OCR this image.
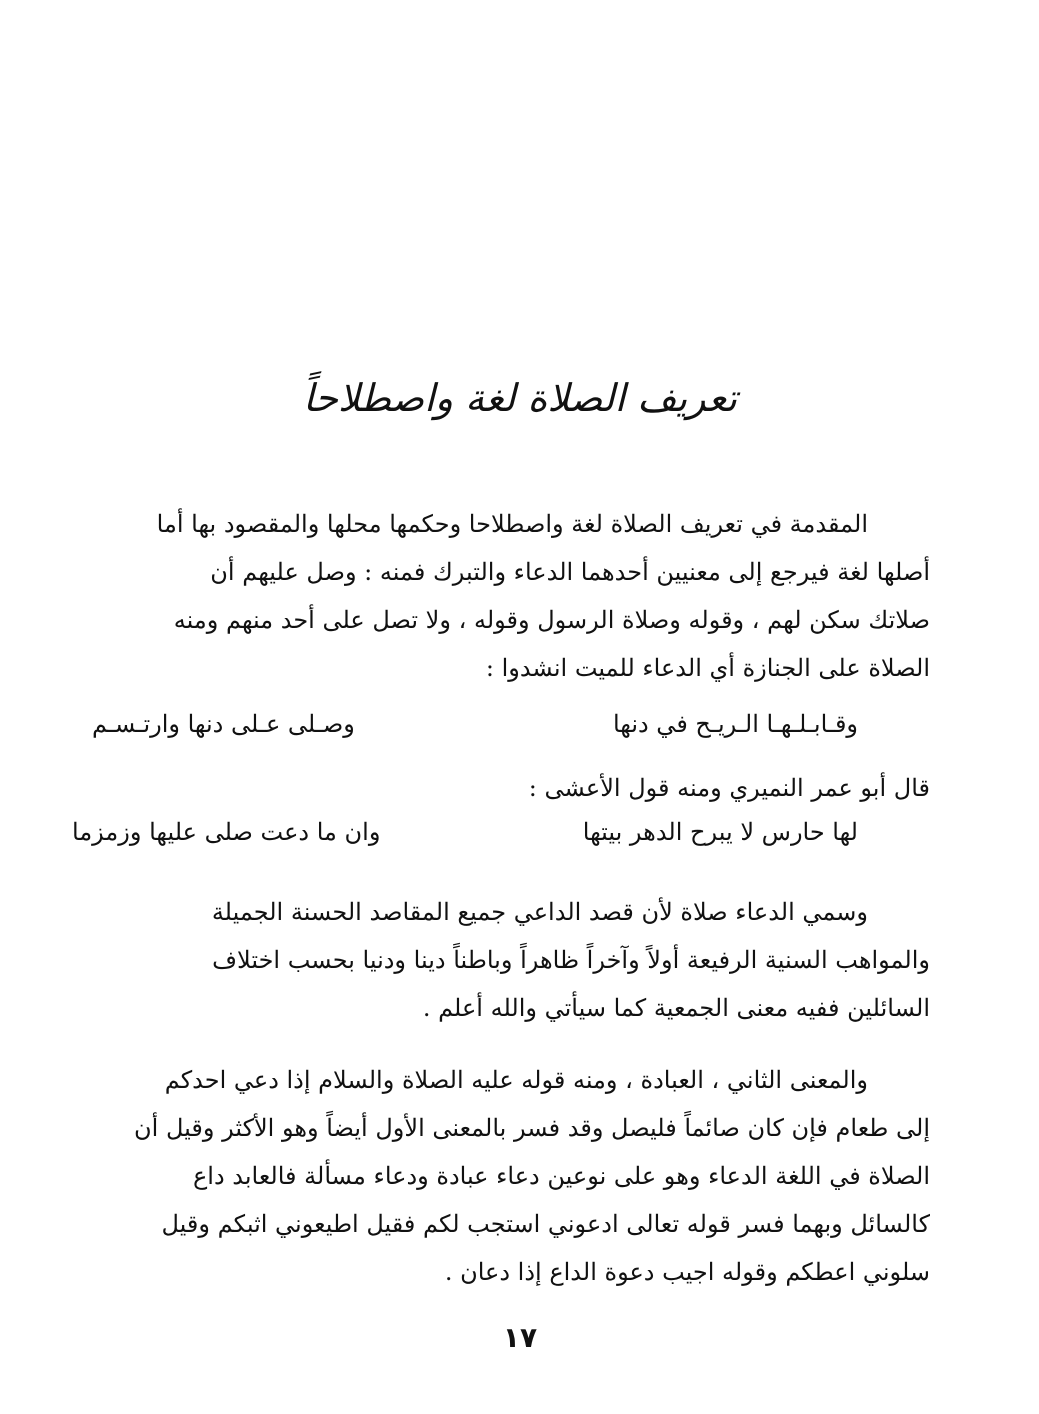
تعريف الصلاة لغة واصطلاحاً
المقدمة في تعريف الصلاة لغة واصطلاحا وحكمها محلها والمقصود بها أما
أصلها لغة فيرجع إلى معنيين أحدهما الدعاء والتبرك فمنه : وصل عليهم أن
صلاتك سكن لهم ، وقوله وصلاة الرسول وقوله ، ولا تصل على أحد منهم ومنه
الصلاة على الجنازة أي الدعاء للميت انشدوا :
وقـابـلـهـا الـريـح في دنها
وصـلى عـلى دنها وارتـسـم
قال أبو عمر النميري ومنه قول الأعشى :
لها حارس لا يبرح الدهر بيتها
وان ما دعت صلى عليها وزمزما
وسمي الدعاء صلاة لأن قصد الداعي جميع المقاصد الحسنة الجميلة
والمواهب السنية الرفيعة أولاً وآخراً ظاهراً وباطناً دينا ودنيا بحسب اختلاف
السائلين ففيه معنى الجمعية كما سيأتي والله أعلم .
والمعنى الثاني ، العبادة ، ومنه قوله عليه الصلاة والسلام إذا دعي احدكم
إلى طعام فإن كان صائماً فليصل وقد فسر بالمعنى الأول أيضاً وهو الأكثر وقيل أن
الصلاة في اللغة الدعاء وهو على نوعين دعاء عبادة ودعاء مسألة فالعابد داع
كالسائل وبهما فسر قوله تعالى ادعوني استجب لكم فقيل اطيعوني اثبكم وقيل
سلوني اعطكم وقوله اجيب دعوة الداع إذا دعان .
١٧
